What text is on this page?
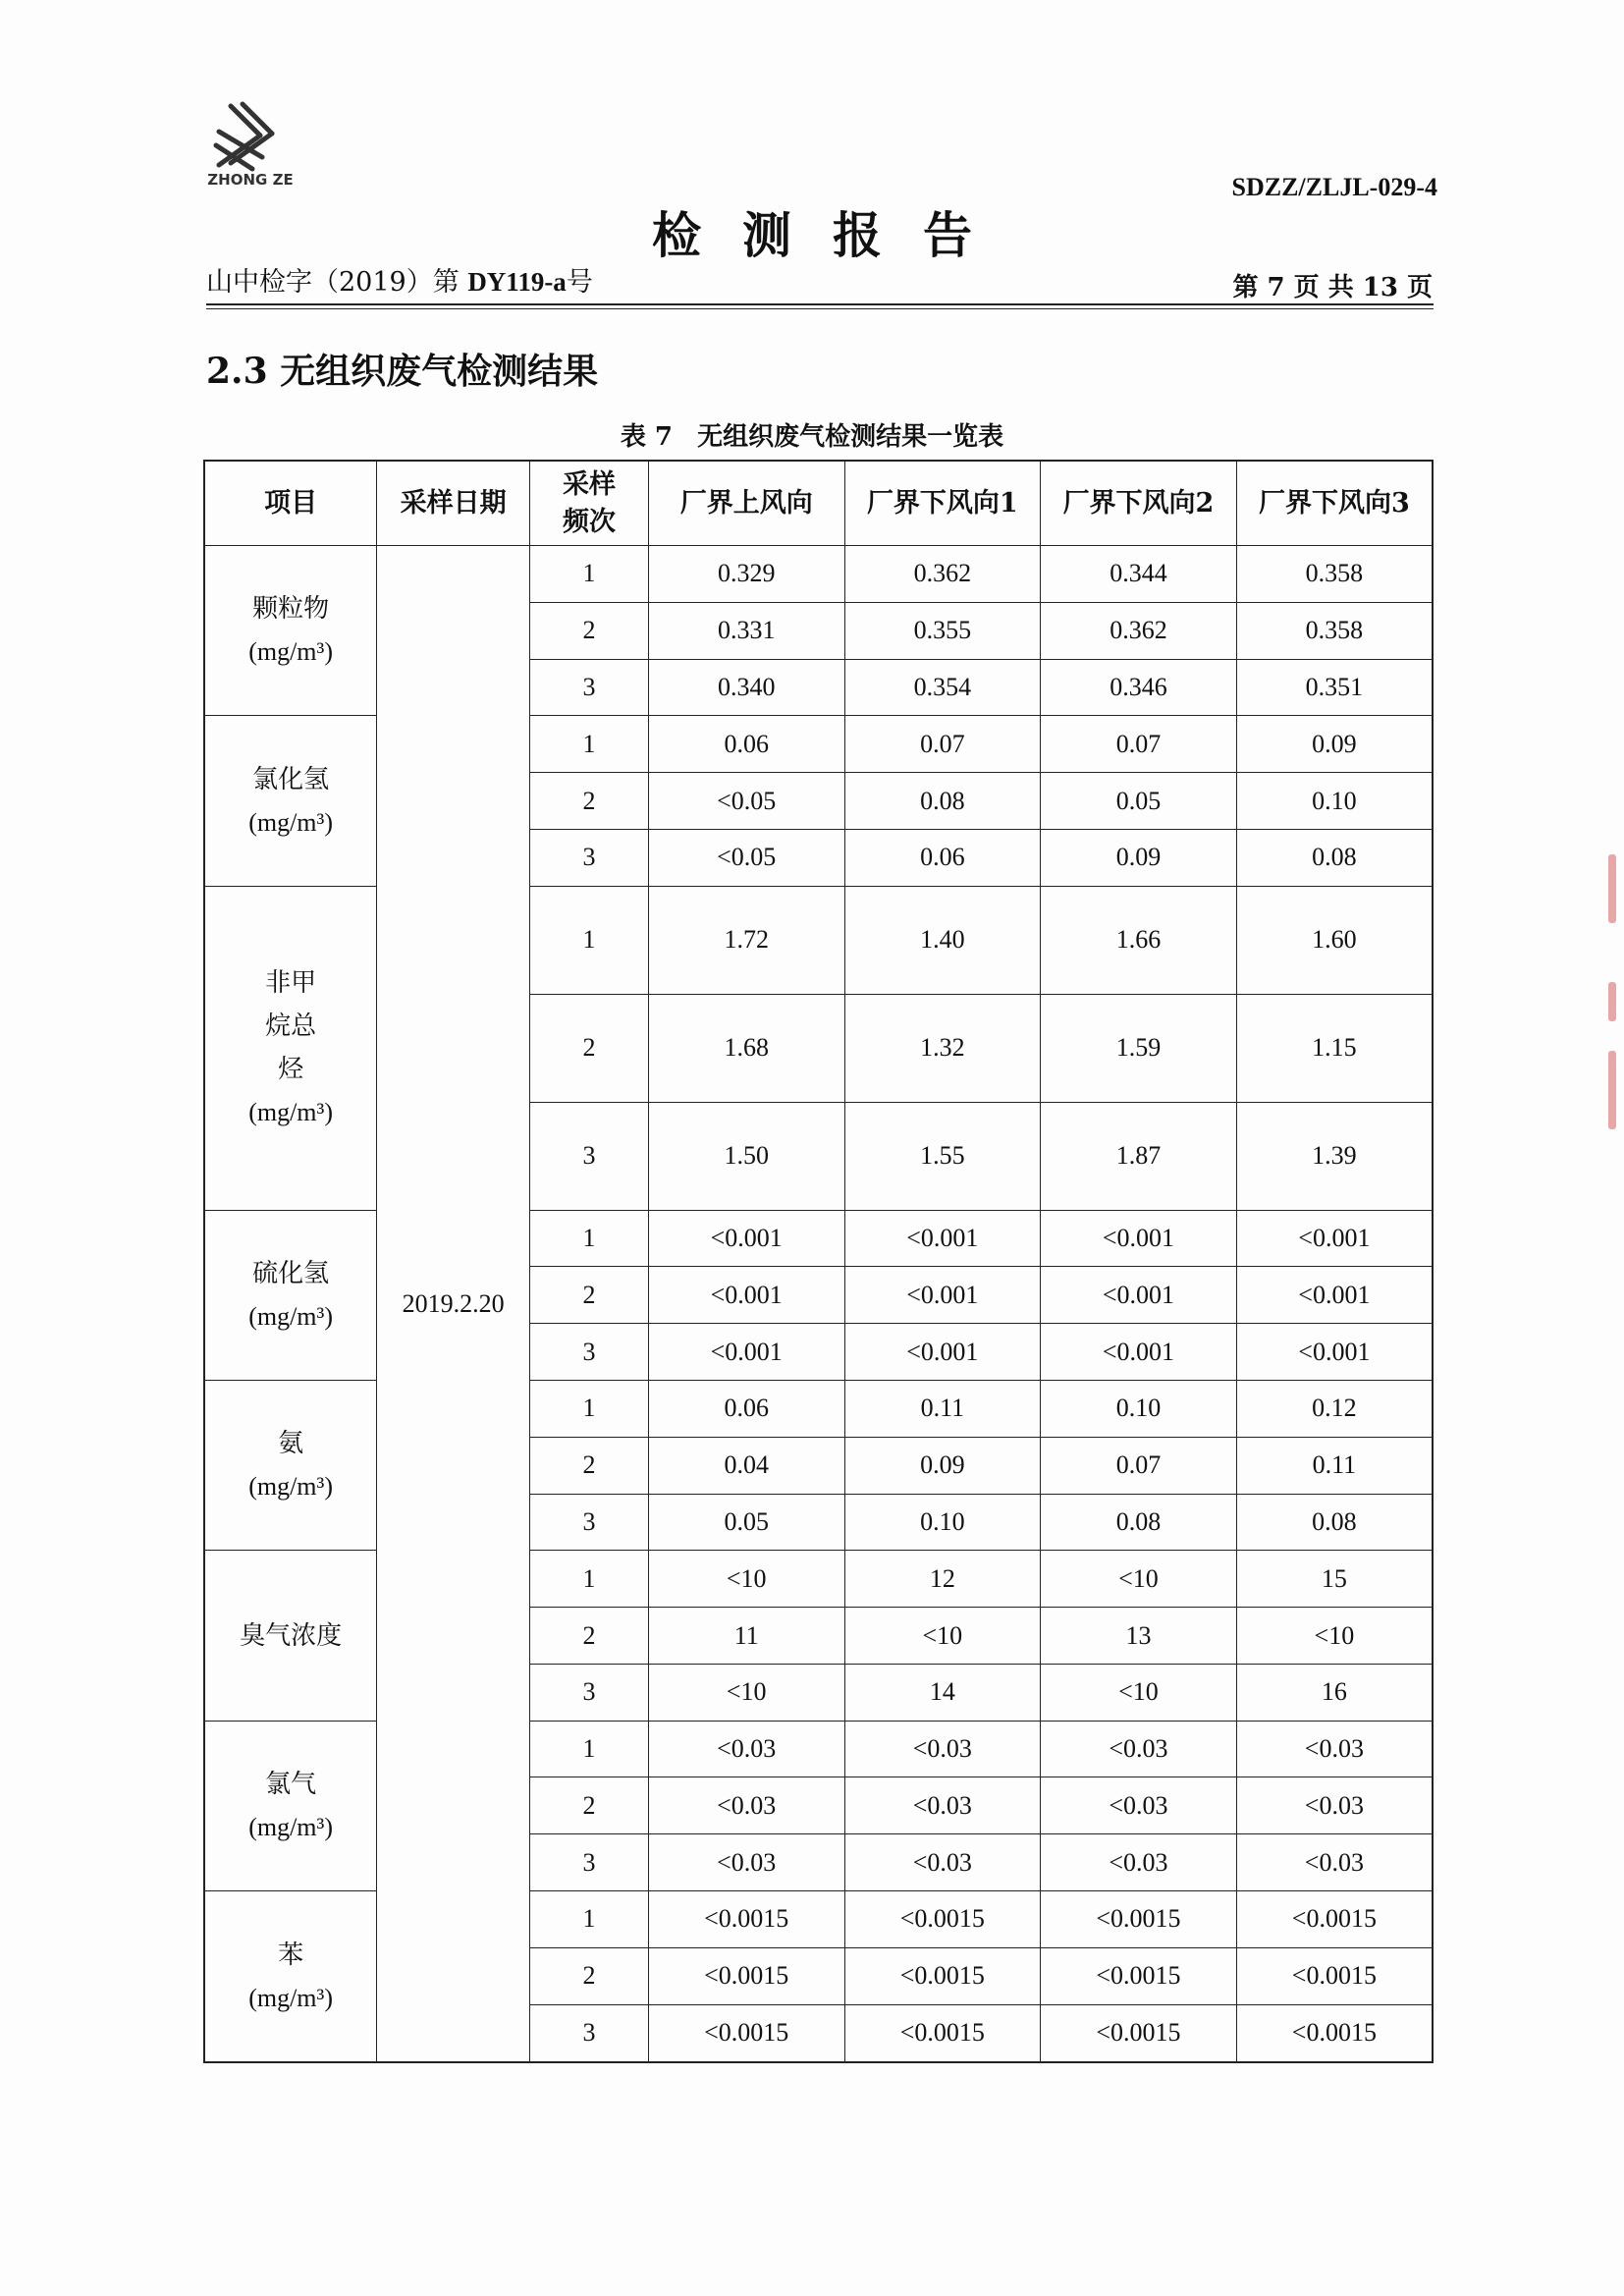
ZHONG ZE	SDZZ/ZLJL-029-4
检测报告
山中检字（2019）第 DY119-a号	第 7 页 共 13 页
2.3 无组织废气检测结果
表 7 无组织废气检测结果一览表
项目	采样日期	采样频次	厂界上风向	厂界下风向1	厂界下风向2	厂界下风向3

颗粒物
(mg/m³)	2019.2.20	1	0.329	0.362	0.344	0.358
		2	0.331	0.355	0.362	0.358
		3	0.340	0.354	0.346	0.351

氯化氢
(mg/m³)		1	0.06	0.07	0.07	0.09
		2	<0.05	0.08	0.05	0.10
		3	<0.05	0.06	0.09	0.08

非甲烷总烃
(mg/m³)		1	1.72	1.40	1.66	1.60
		2	1.68	1.32	1.59	1.15
		3	1.50	1.55	1.87	1.39

硫化氢
(mg/m³)		1	<0.001	<0.001	<0.001	<0.001
		2	<0.001	<0.001	<0.001	<0.001
		3	<0.001	<0.001	<0.001	<0.001

氨
(mg/m³)		1	0.06	0.11	0.10	0.12
		2	0.04	0.09	0.07	0.11
		3	0.05	0.10	0.08	0.08

臭气浓度		1	<10	12	<10	15
		2	11	<10	13	<10
		3	<10	14	<10	16

氯气
(mg/m³)		1	<0.03	<0.03	<0.03	<0.03
		2	<0.03	<0.03	<0.03	<0.03
		3	<0.03	<0.03	<0.03	<0.03

苯
(mg/m³)		1	<0.0015	<0.0015	<0.0015	<0.0015
		2	<0.0015	<0.0015	<0.0015	<0.0015
		3	<0.0015	<0.0015	<0.0015	<0.0015
